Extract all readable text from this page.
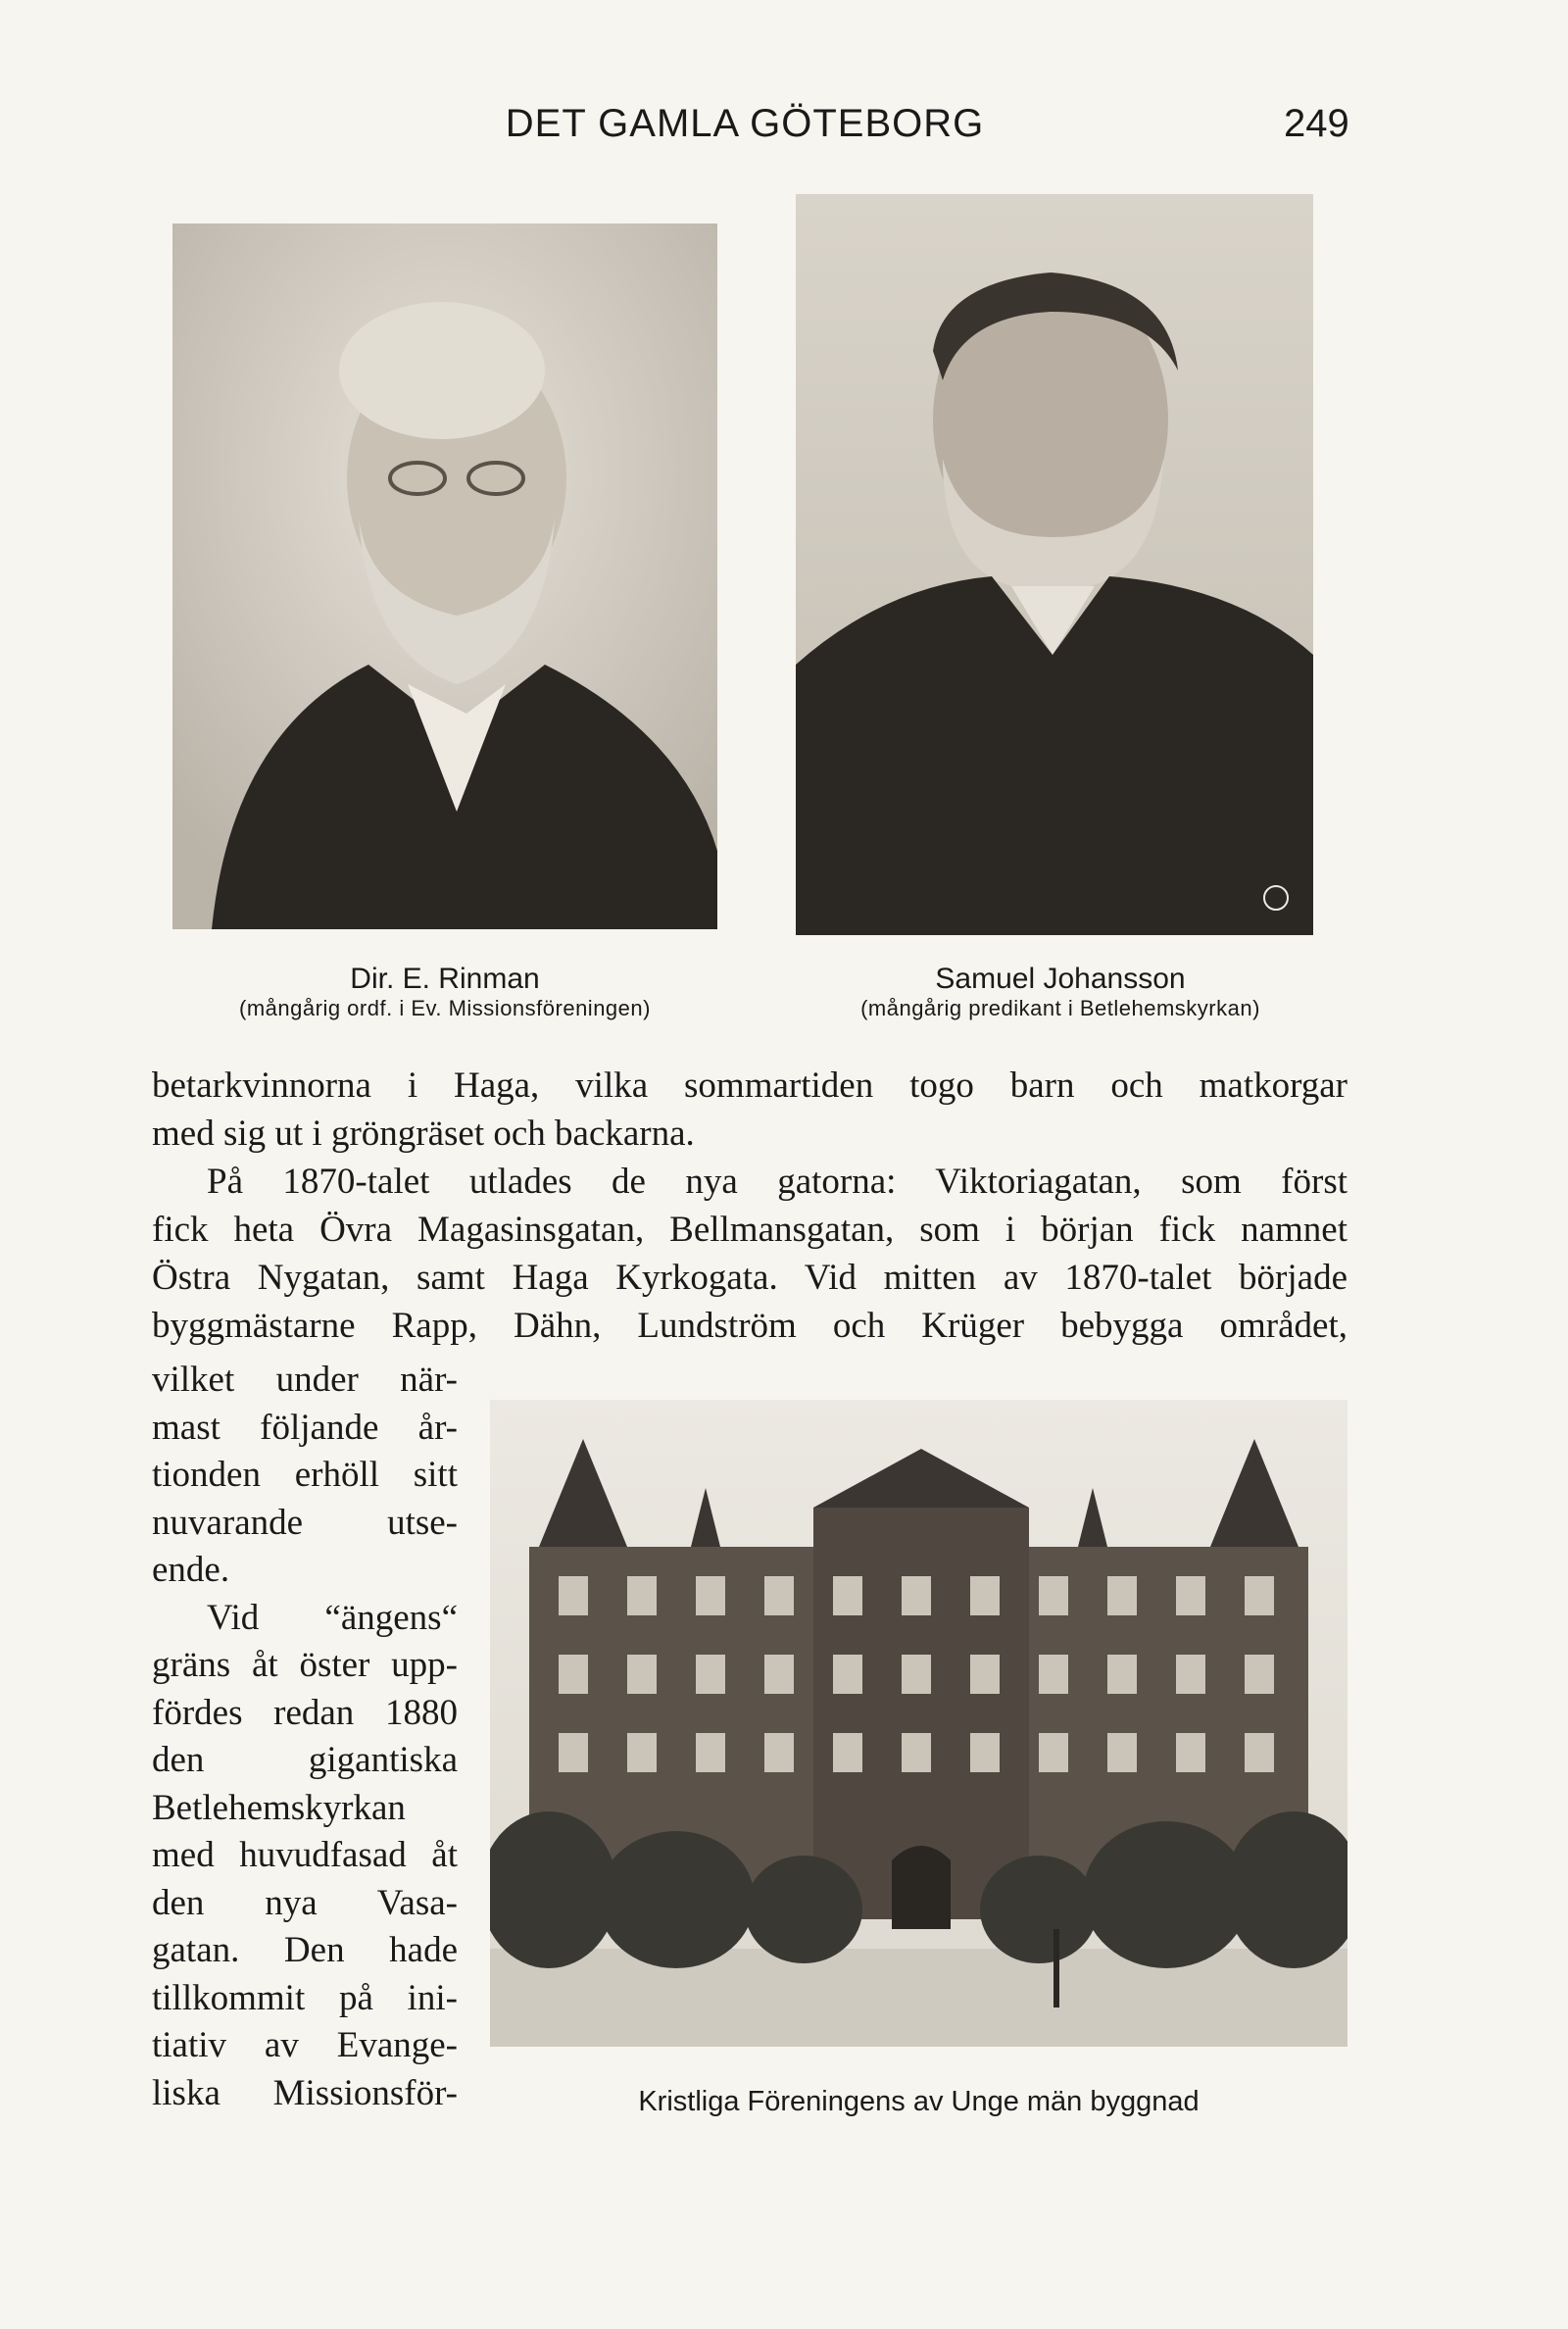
DET GAMLA GÖTEBORG	249
Dir. E. Rinman
(mångårig ordf. i Ev. Missionsföreningen)
Samuel Johansson
(mångårig predikant i Betlehemskyrkan)
betarkvinnorna i Haga, vilka sommartiden togo barn och matkorgar
med sig ut i gröngräset och backarna.
På 1870-talet utlades de nya gatorna: Viktoriagatan, som först
fick heta Övra Magasinsgatan, Bellmansgatan, som i början fick namnet
Östra Nygatan, samt Haga Kyrkogata. Vid mitten av 1870-talet började
byggmästarne Rapp, Dähn, Lundström och Krüger bebygga området,
vilket under när-
mast följande år-
tionden erhöll sitt
nuvarande utse-
ende.
Vid “ängens“
gräns åt öster upp-
fördes redan 1880
den gigantiska
Betlehemskyrkan
med huvudfasad åt
den nya Vasa-
gatan. Den hade
tillkommit på ini-
tiativ av Evange-
liska Missionsför-	Kristliga Föreningens av Unge män byggnad
